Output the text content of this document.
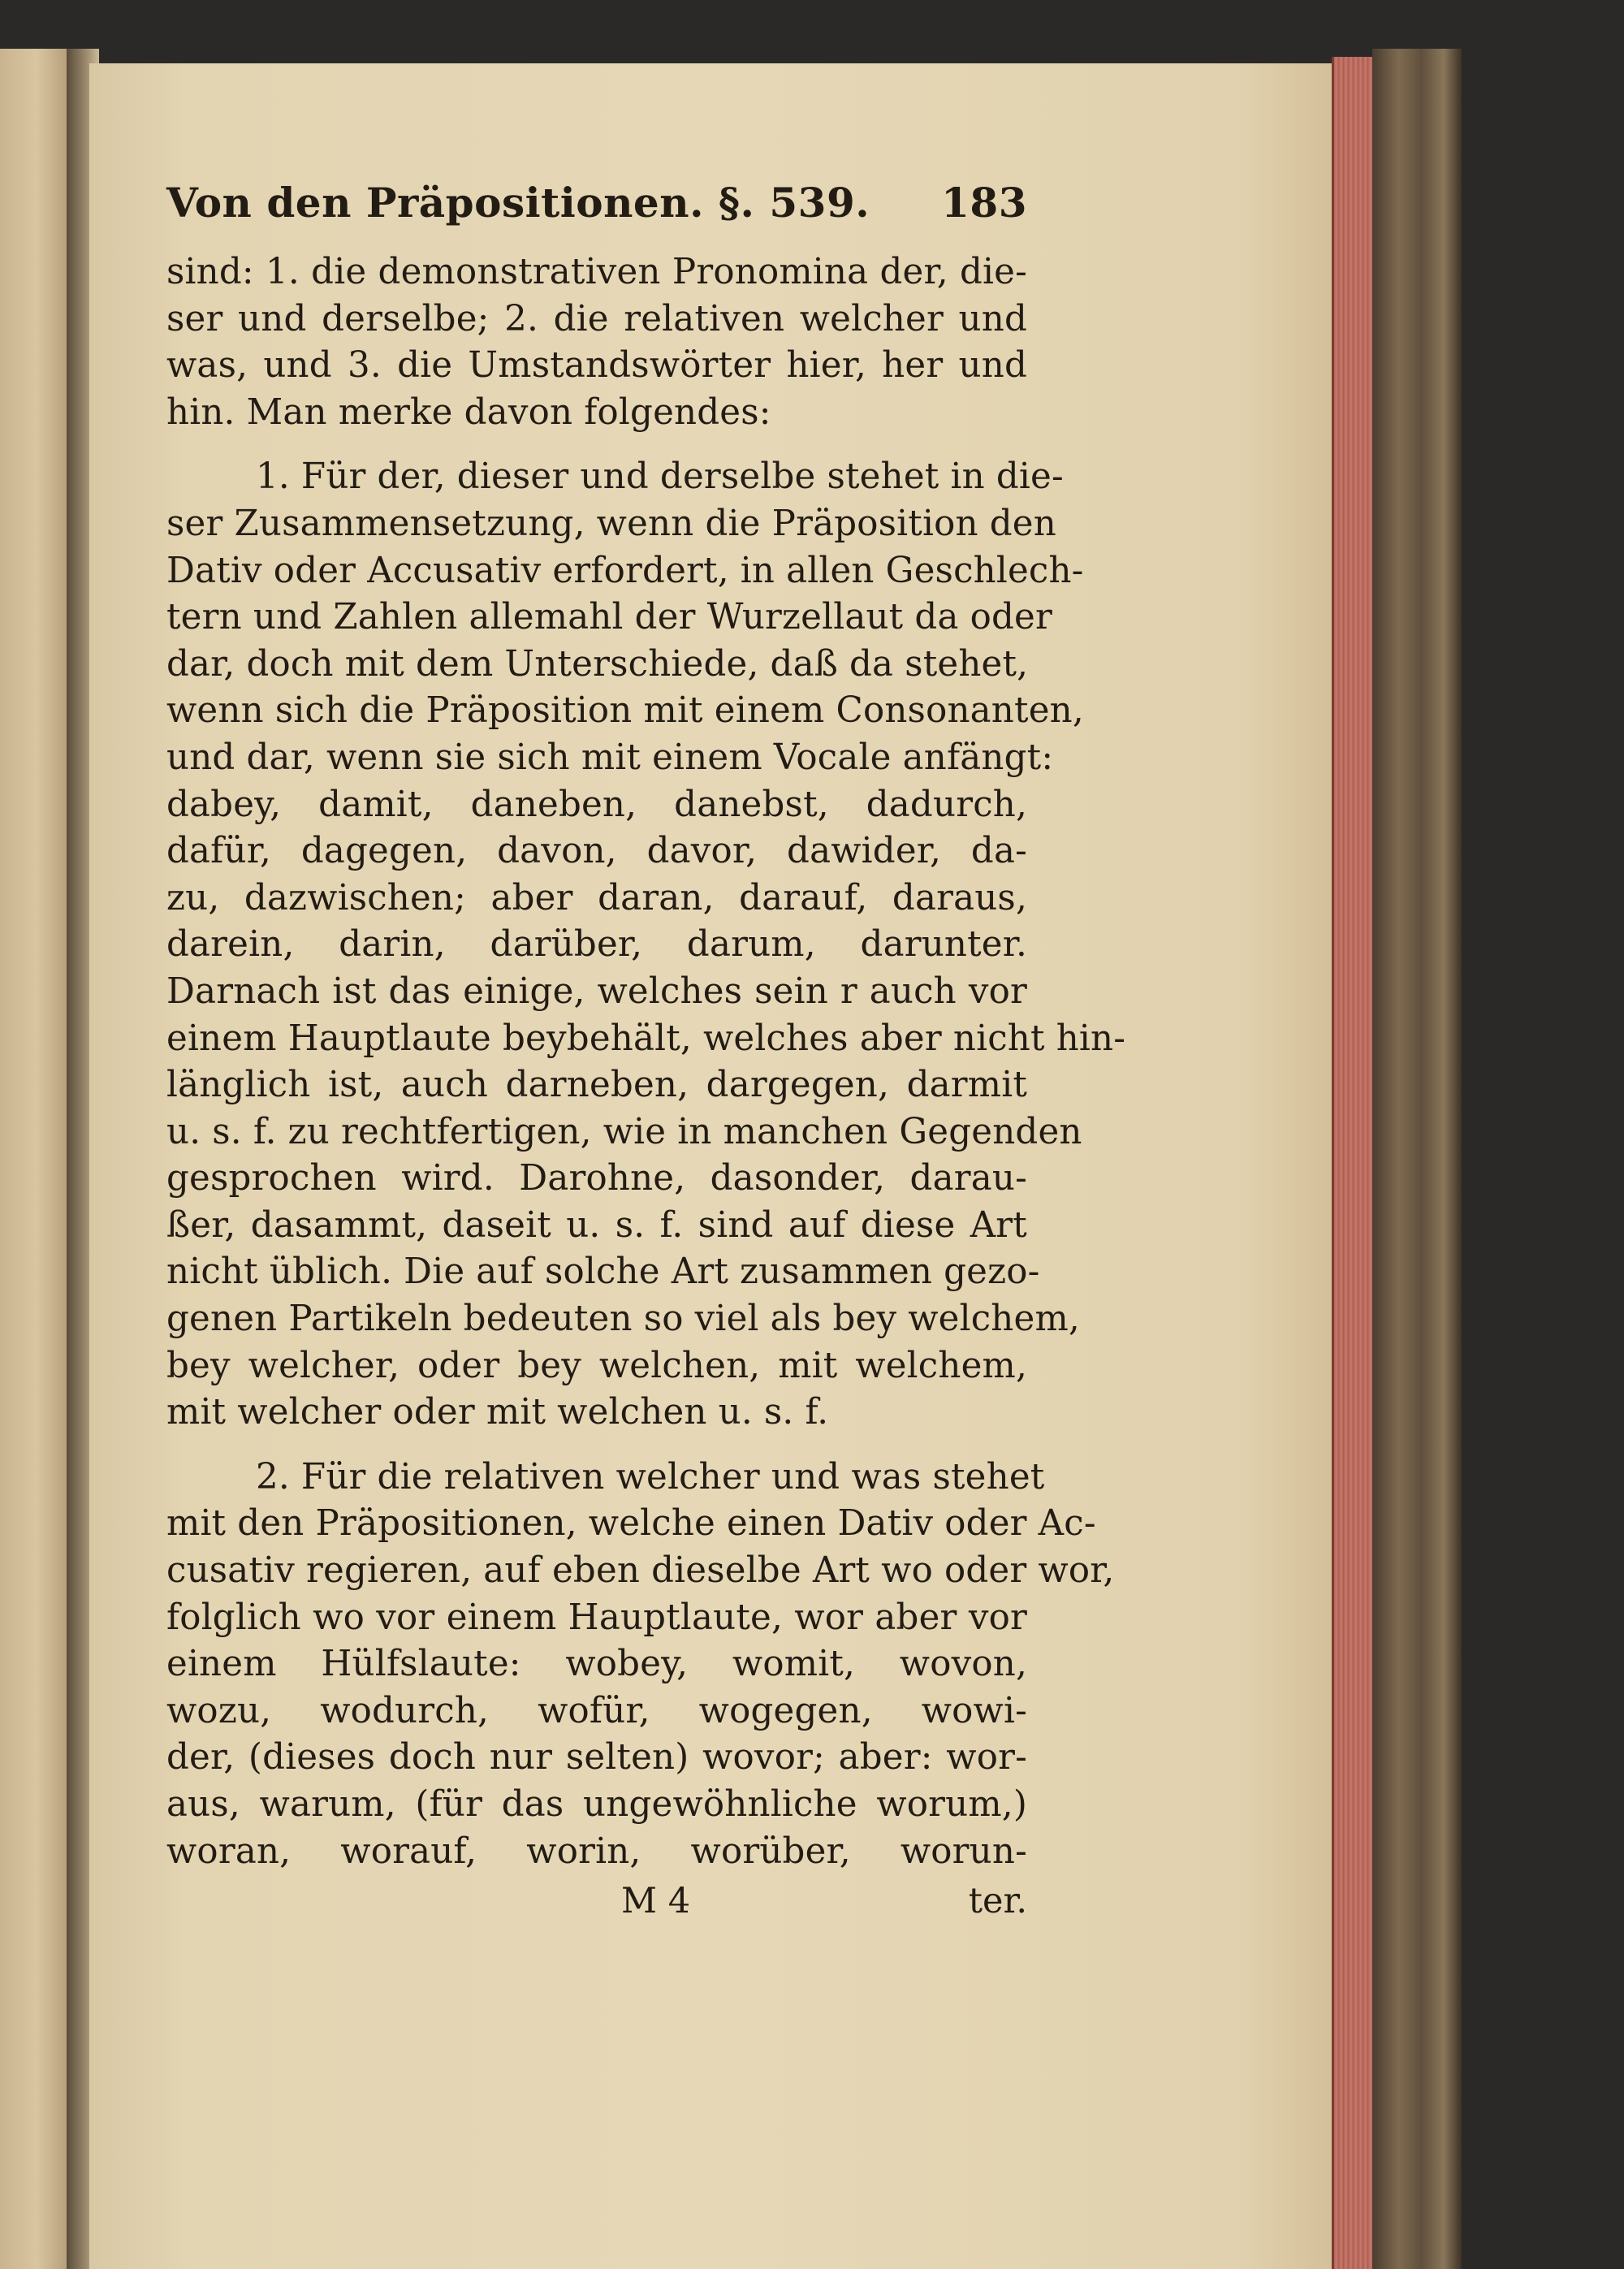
Von den Präpositionen. §. 539. 183
sind: 1. die demonstrativen Pronomina der, die-
ser und derselbe; 2. die relativen welcher und
was, und 3. die Umstandswörter hier, her und
hin. Man merke davon folgendes:
1. Für der, dieser und derselbe stehet in die-
ser Zusammensetzung, wenn die Präposition den
Dativ oder Accusativ erfordert, in allen Geschlech-
tern und Zahlen allemahl der Wurzellaut da oder
dar, doch mit dem Unterschiede, daß da stehet,
wenn sich die Präposition mit einem Consonanten,
und dar, wenn sie sich mit einem Vocale anfängt:
dabey, damit, daneben, danebst, dadurch,
dafür, dagegen, davon, davor, dawider, da-
zu, dazwischen; aber daran, darauf, daraus,
darein, darin, darüber, darum, darunter.
Darnach ist das einige, welches sein r auch vor
einem Hauptlaute beybehält, welches aber nicht hin-
länglich ist, auch darneben, dargegen, darmit
u. s. f. zu rechtfertigen, wie in manchen Gegenden
gesprochen wird. Darohne, dasonder, darau-
ßer, dasammt, daseit u. s. f. sind auf diese Art
nicht üblich. Die auf solche Art zusammen gezo-
genen Partikeln bedeuten so viel als bey welchem,
bey welcher, oder bey welchen, mit welchem,
mit welcher oder mit welchen u. s. f.
2. Für die relativen welcher und was stehet
mit den Präpositionen, welche einen Dativ oder Ac-
cusativ regieren, auf eben dieselbe Art wo oder wor,
folglich wo vor einem Hauptlaute, wor aber vor
einem Hülfslaute: wobey, womit, wovon,
wozu, wodurch, wofür, wogegen, wowi-
der, (dieses doch nur selten) wovor; aber: wor-
aus, warum, (für das ungewöhnliche worum,)
woran, worauf, worin, worüber, worun-
M 4	ter.
